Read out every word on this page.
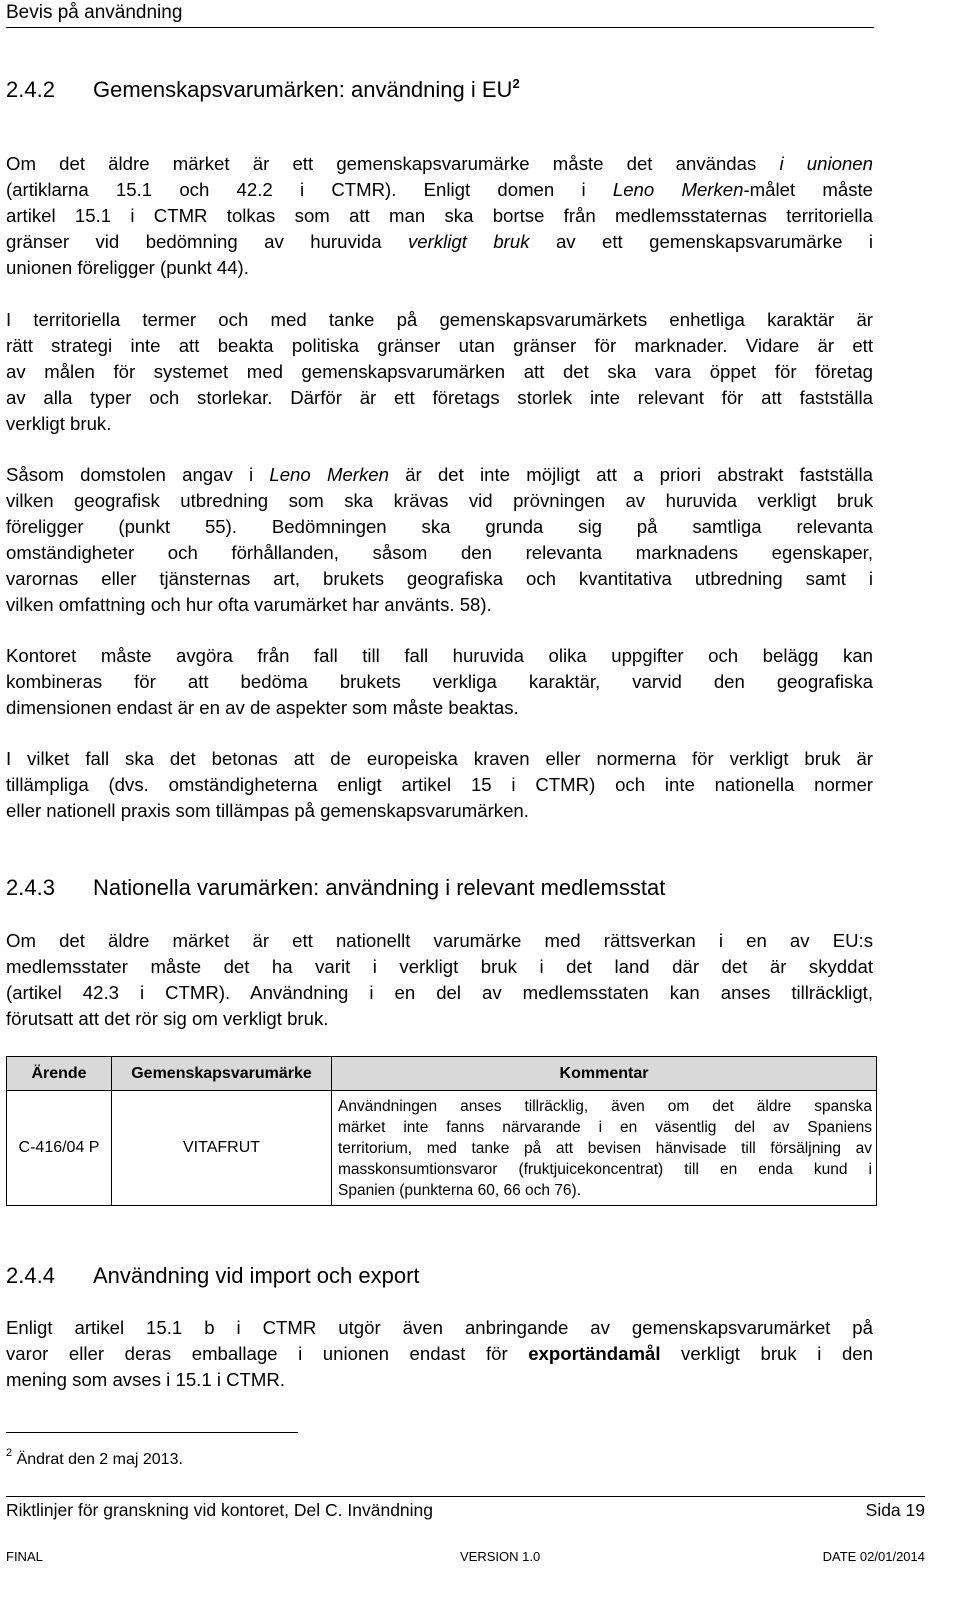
Bevis på användning
2.4.2 Gemenskapsvarumärken: användning i $EU^2$
Om det äldre märket är ett gemenskapsvarumärke måste det användas i unionen
(artiklarna 15.1 och 42.2 i CTMR). Enligt domen i Leno Merken-målet måste
artikel 15.1 i CTMR tolkas som att man ska bortse från medlemsstaternas territoriella
gränser vid bedömning av huruvida verkligt bruk av ett gemenskapsvarumärke i
unionen föreligger (punkt 44).
I territoriella termer och med tanke på gemenskapsvarumärkets enhetliga karaktär är
rätt strategi inte att beakta politiska gränser utan gränser för marknader. Vidare är ett
av målen för systemet med gemenskapsvarumärken att det ska vara öppet för företag
av alla typer och storlekar. Därför är ett företags storlek inte relevant för att fastställa
verkligt bruk.
Såsom domstolen angav i Leno Merken är det inte möjligt att a priori abstrakt fastställa
vilken geografisk utbredning som ska krävas vid prövningen av huruvida verkligt bruk
föreligger (punkt 55). Bedömningen ska grunda sig på samtliga relevanta
omständigheter och förhållanden, såsom den relevanta marknadens egenskaper,
varornas eller tjänsternas art, brukets geografiska och kvantitativa utbredning samt i
vilken omfattning och hur ofta varumärket har använts. 58).
Kontoret måste avgöra från fall till fall huruvida olika uppgifter och belägg kan
kombineras för att bedöma brukets verkliga karaktär, varvid den geografiska
dimensionen endast är en av de aspekter som måste beaktas.
I vilket fall ska det betonas att de europeiska kraven eller normerna för verkligt bruk är
tillämpliga (dvs. omständigheterna enligt artikel 15 i CTMR) och inte nationella normer
eller nationell praxis som tillämpas på gemenskapsvarumärken.
2.4.3 Nationella varumärken: användning i relevant medlemsstat
Om det äldre märket är ett nationellt varumärke med rättsverkan i en av EU:s
medlemsstater måste det ha varit i verkligt bruk i det land där det är skyddat
(artikel 42.3 i CTMR). Användning i en del av medlemsstaten kan anses tillräckligt,
förutsatt att det rör sig om verkligt bruk.
Ärende	Gemenskapsvarumärke	Kommentar
C-416/04 P	VITAFRUT	Användningen anses tillräcklig, även om det äldre spanska
märket inte fanns närvarande i en väsentlig del av Spaniens
territorium, med tanke på att bevisen hänvisade till försäljning av
masskonsumtionsvaror (fruktjuicekoncentrat) till en enda kund i
Spanien (punkterna 60, 66 och 76).
2.4.4 Användning vid import och export
Enligt artikel 15.1 b i CTMR utgör även anbringande av gemenskapsvarumärket på
varor eller deras emballage i unionen endast för exportändamål verkligt bruk i den
mening som avses i 15.1 i CTMR.
$^2$ Ändrat den 2 maj 2013.
Riktlinjer för granskning vid kontoret, Del C. Invändning	Sida 19
FINAL	VERSION 1.0	DATE 02/01/2014
